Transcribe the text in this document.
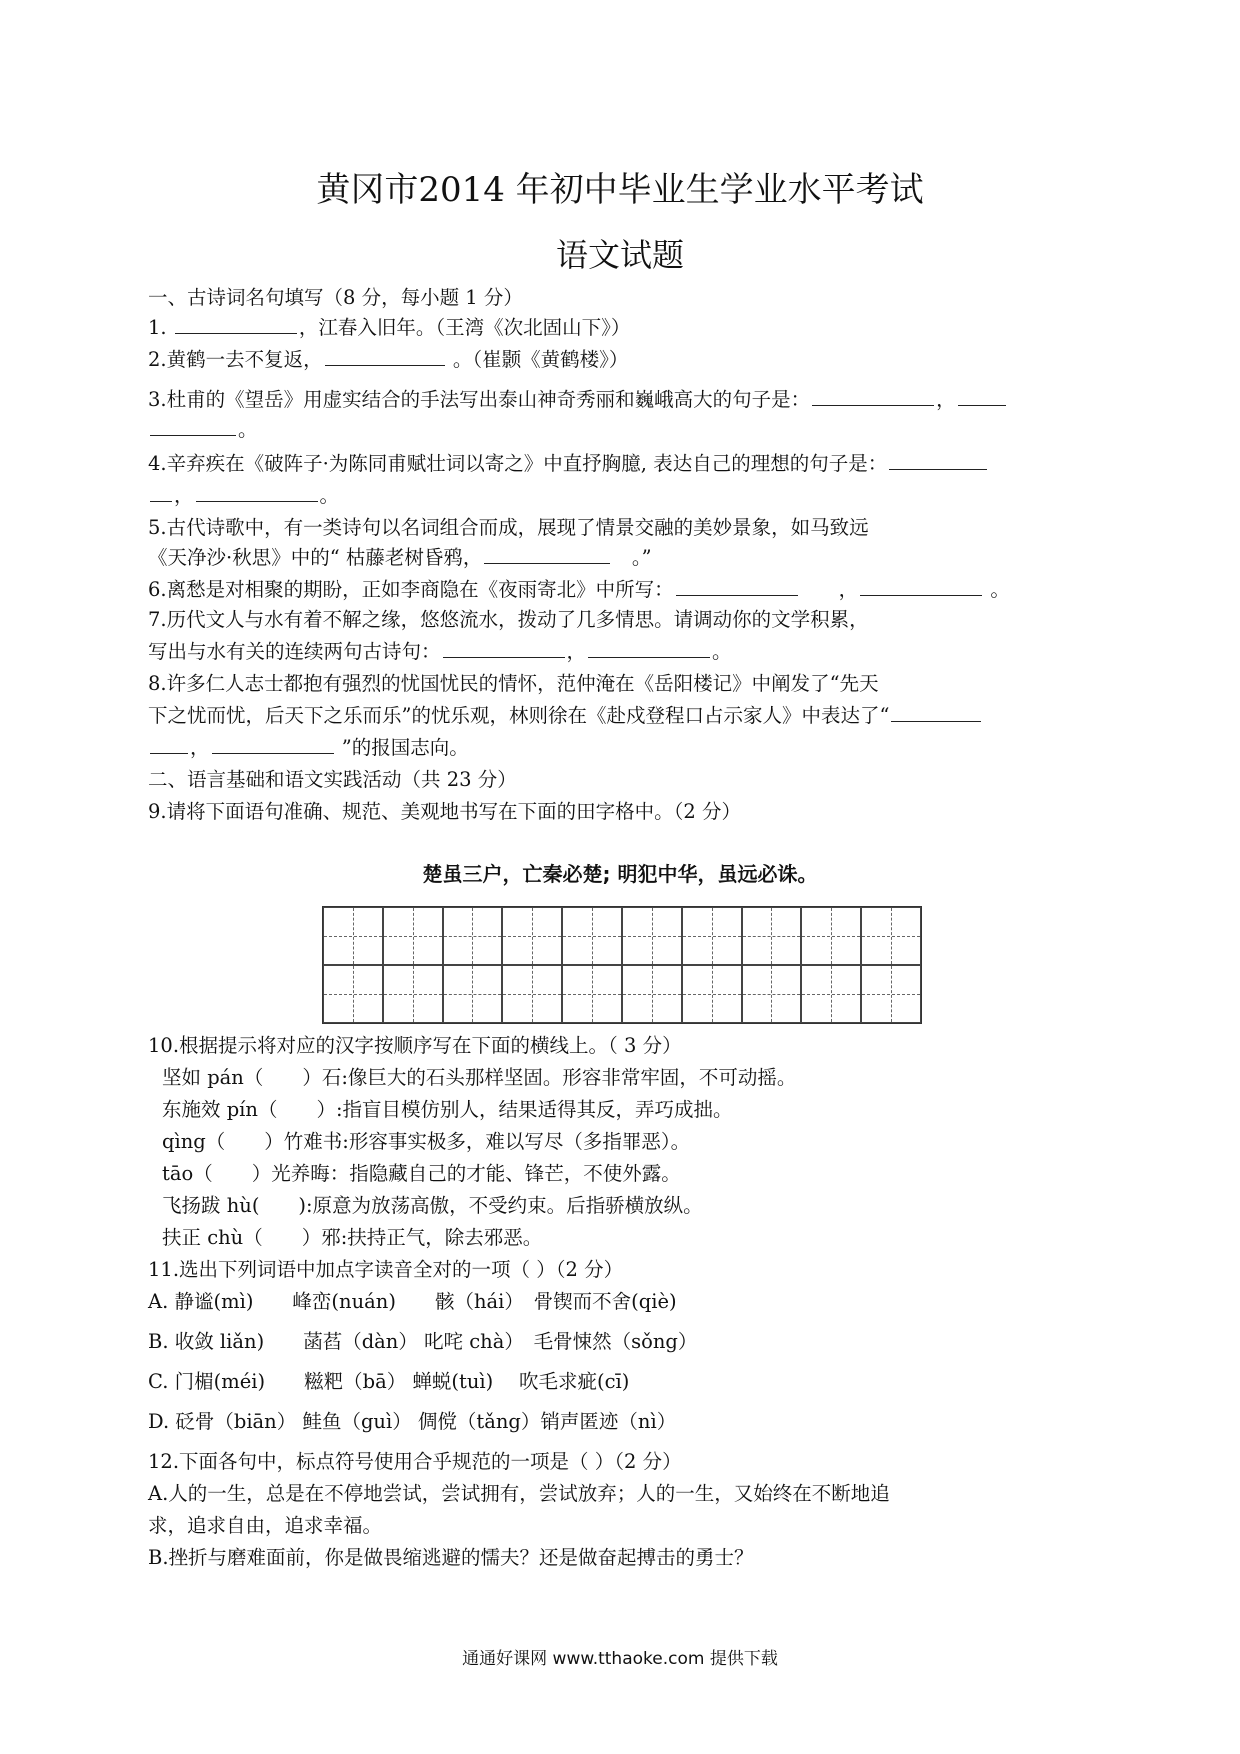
黄冈市2014 年初中毕业生学业水平考试
语文试题
一、古诗词名句填写（8 分，每小题 1 分）
1.	，江春入旧年。（王湾《次北固山下》）
2.黄鹤一去不复返，	。（崔颢《黄鹤楼》）
3.杜甫的《望岳》用虚实结合的手法写出泰山神奇秀丽和巍峨高大的句子是：	，
。
4.辛弃疾在《破阵子·为陈同甫赋壮词以寄之》中直抒胸臆, 表达自己的理想的句子是：
，	。
5.古代诗歌中，有一类诗句以名词组合而成，展现了情景交融的美妙景象，如马致远
《天净沙·秋思》中的“ 枯藤老树昏鸦，　	。”
6.离愁是对相聚的期盼，正如李商隐在《夜雨寄北》中所写：　　	，	。
7.历代文人与水有着不解之缘，悠悠流水，拨动了几多情思。请调动你的文学积累，
写出与水有关的连续两句古诗句：	，	。
8.许多仁人志士都抱有强烈的忧国忧民的情怀，范仲淹在《岳阳楼记》中阐发了“先天
下之忧而忧，后天下之乐而乐”的忧乐观，林则徐在《赴戍登程口占示家人》中表达了“
，	”的报国志向。
二、语言基础和语文实践活动（共 23 分）
9.请将下面语句准确、规范、美观地书写在下面的田字格中。（2 分）
楚虽三户，亡秦必楚; 明犯中华，虽远必诛。
10.根据提示将对应的汉字按顺序写在下面的横线上。（ 3 分）
坚如 pán（　　）石:像巨大的石头那样坚固。形容非常牢固，不可动摇。
东施效 pín（　　）:指盲目模仿别人，结果适得其反，弄巧成拙。
qìng（　　）竹难书:形容事实极多，难以写尽（多指罪恶）。
tāo（　　）光养晦：指隐藏自己的才能、锋芒，不使外露。
飞扬跋 hù(　　):原意为放荡高傲，不受约束。后指骄横放纵。
扶正 chù（　　）邪:扶持正气，除去邪恶。
11.选出下列词语中加点字读音全对的一项（ ）（2 分）
A. 静谧(mì)　　峰峦(nuán)　　骸（hái）　骨锲而不舍(qiè)
B. 收敛 liǎn)　　菡萏（dàn） 叱咤 chà）　毛骨悚然（sǒng）
C. 门楣(méi)　　糍粑（bā） 蝉蜕(tuì)　 吹毛求疵(cī)
D. 砭骨（biān） 鲑鱼（guì） 倜傥（tǎng）销声匿迹（nì）
12.下面各句中，标点符号使用合乎规范的一项是（ ）（2 分）
A.人的一生，总是在不停地尝试，尝试拥有，尝试放弃；人的一生，又始终在不断地追
求，追求自由，追求幸福。
B.挫折与磨难面前，你是做畏缩逃避的懦夫？还是做奋起搏击的勇士？
通通好课网 www.tthaoke.com 提供下载
